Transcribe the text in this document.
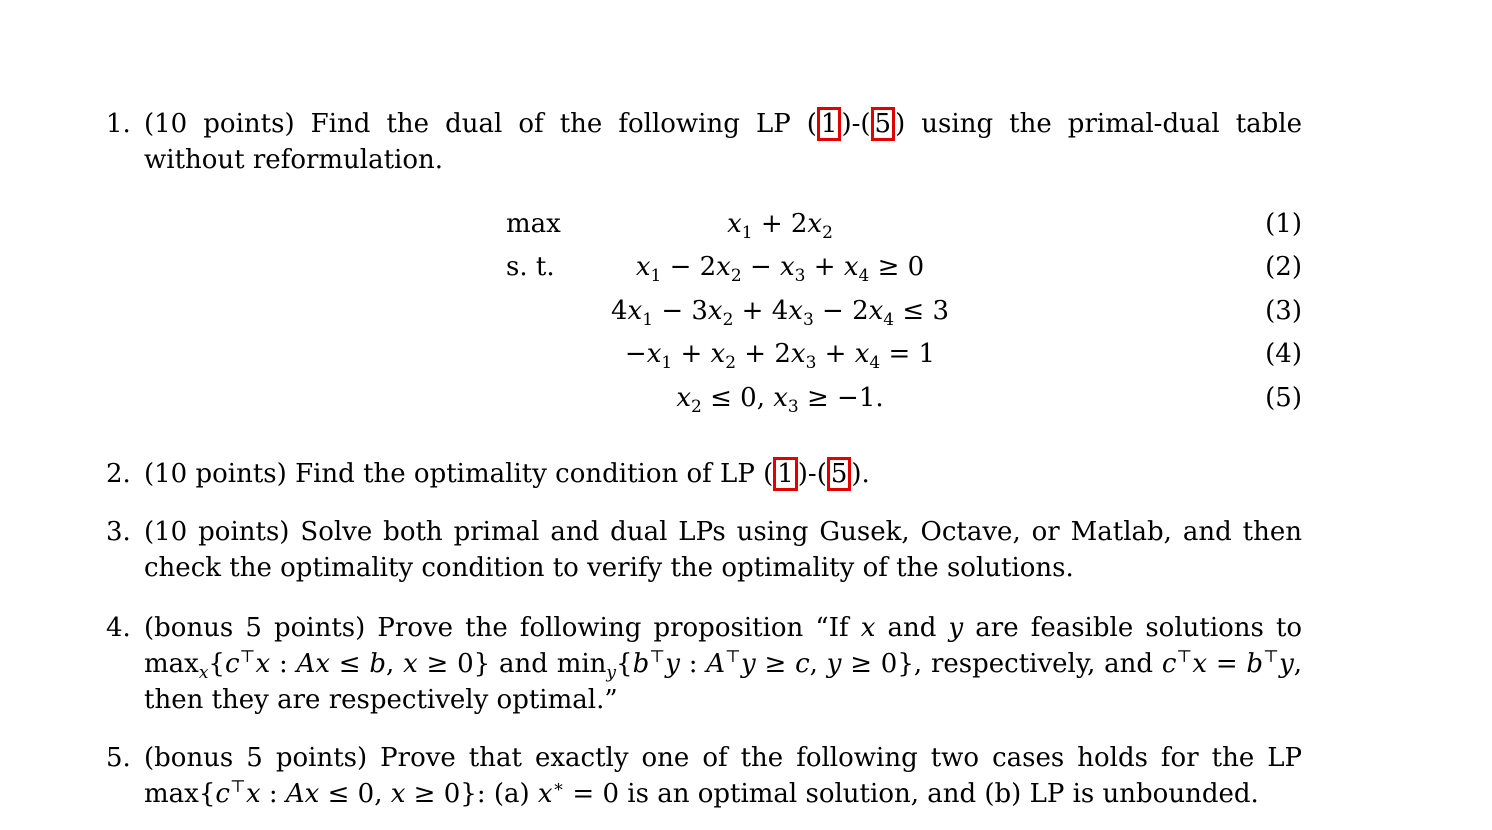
1. (10 points) Find the dual of the following LP ( 1 )-( 5 ) using the primal-dual table without reformulation.
max	$x_1 + 2x_2$	(1)
s. t.	$x_1 - 2x_2 - x_3 + x_4 \ge 0$	(2)
$4x_1 - 3x_2 + 4x_3 - 2x_4 \le 3$	(3)
$-x_1 + x_2 + 2x_3 + x_4 = 1$	(4)
$x_2 \le 0$, $x_3 \ge -1$.	(5)
2. (10 points) Find the optimality condition of LP ( 1 )-( 5 ).
3. (10 points) Solve both primal and dual LPs using Gusek, Octave, or Matlab, and then check the optimality condition to verify the optimality of the solutions.
4. (bonus 5 points) Prove the following proposition “If x and y are feasible solutions to $\max_x\{c^⊤x$ : Ax ≤ b, x ≥ 0} and $\min_y\{b^⊤y$ : A⊤y ≥ c, y ≥ 0}, respectively, and c⊤x = b⊤y, then they are respectively optimal.”
5. (bonus 5 points) Prove that exactly one of the following two cases holds for the LP max{c⊤x : Ax ≤ 0, x ≥ 0}: (a) x∗ = 0 is an optimal solution, and (b) LP is unbounded.
